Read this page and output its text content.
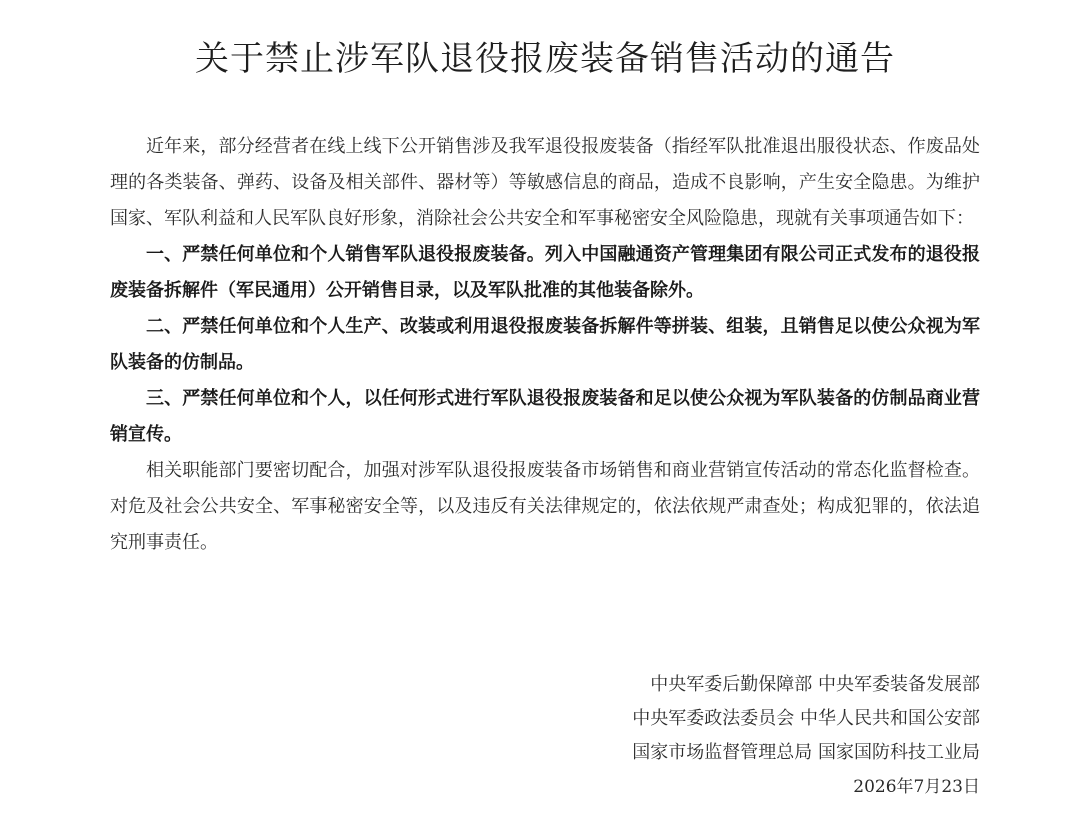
关于禁止涉军队退役报废装备销售活动的通告

近年来，部分经营者在线上线下公开销售涉及我军退役报废装备（指经军队批准退出服役状态、作废品处理的各类装备、弹药、设备及相关部件、器材等）等敏感信息的商品，造成不良影响，产生安全隐患。为维护国家、军队利益和人民军队良好形象，消除社会公共安全和军事秘密安全风险隐患，现就有关事项通告如下：

一、严禁任何单位和个人销售军队退役报废装备。列入中国融通资产管理集团有限公司正式发布的退役报废装备拆解件（军民通用）公开销售目录，以及军队批准的其他装备除外。

二、严禁任何单位和个人生产、改装或利用退役报废装备拆解件等拼装、组装，且销售足以使公众视为军队装备的仿制品。

三、严禁任何单位和个人，以任何形式进行军队退役报废装备和足以使公众视为军队装备的仿制品商业营销宣传。

相关职能部门要密切配合，加强对涉军队退役报废装备市场销售和商业营销宣传活动的常态化监督检查。对危及社会公共安全、军事秘密安全等，以及违反有关法律规定的，依法依规严肃查处；构成犯罪的，依法追究刑事责任。

中央军委后勤保障部 中央军委装备发展部
中央军委政法委员会 中华人民共和国公安部
国家市场监督管理总局 国家国防科技工业局
2026年7月23日
